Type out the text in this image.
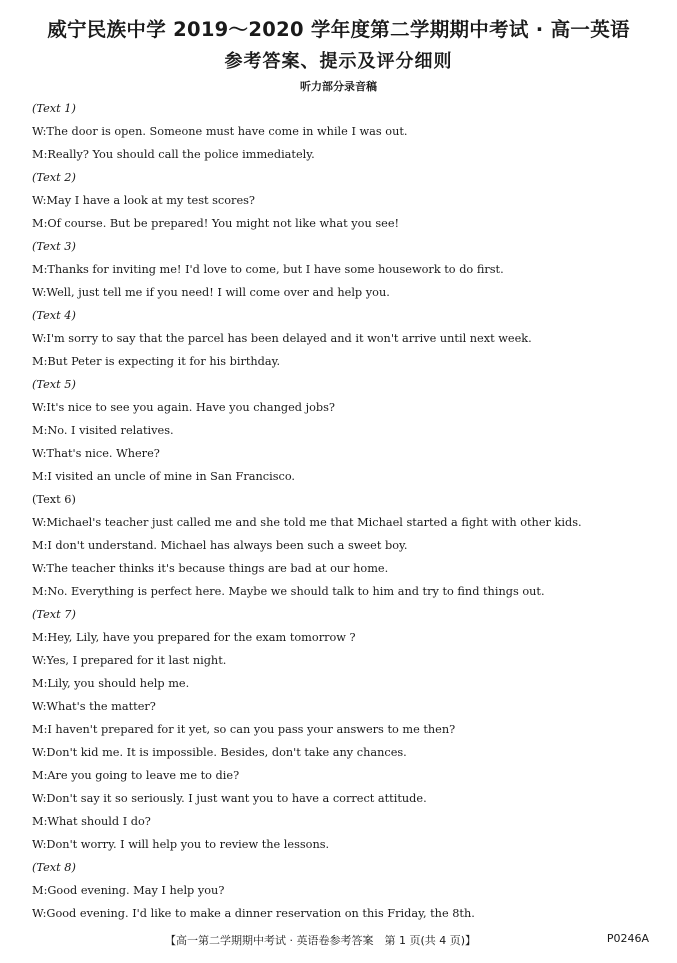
威宁民族中学 2019～2020 学年度第二学期期中考试 · 高一英语
参考答案、提示及评分细则
听力部分录音稿
(Text 1)
W:The door is open. Someone must have come in while I was out.
M:Really? You should call the police immediately.
(Text 2)
W:May I have a look at my test scores?
M:Of course. But be prepared! You might not like what you see!
(Text 3)
M:Thanks for inviting me! I'd love to come, but I have some housework to do first.
W:Well, just tell me if you need! I will come over and help you.
(Text 4)
W:I'm sorry to say that the parcel has been delayed and it won't arrive until next week.
M:But Peter is expecting it for his birthday.
(Text 5)
W:It's nice to see you again. Have you changed jobs?
M:No. I visited relatives.
W:That's nice. Where?
M:I visited an uncle of mine in San Francisco.
(Text 6)
W:Michael's teacher just called me and she told me that Michael started a fight with other kids.
M:I don't understand. Michael has always been such a sweet boy.
W:The teacher thinks it's because things are bad at our home.
M:No. Everything is perfect here. Maybe we should talk to him and try to find things out.
(Text 7)
M:Hey, Lily, have you prepared for the exam tomorrow ?
W:Yes, I prepared for it last night.
M:Lily, you should help me.
W:What's the matter?
M:I haven't prepared for it yet, so can you pass your answers to me then?
W:Don't kid me. It is impossible. Besides, don't take any chances.
M:Are you going to leave me to die?
W:Don't say it so seriously. I just want you to have a correct attitude.
M:What should I do?
W:Don't worry. I will help you to review the lessons.
(Text 8)
M:Good evening. May I help you?
W:Good evening. I'd like to make a dinner reservation on this Friday, the 8th.
【高一第二学期期中考试 · 英语卷参考答案　第 1 页(共 4 页)】	P0246A
